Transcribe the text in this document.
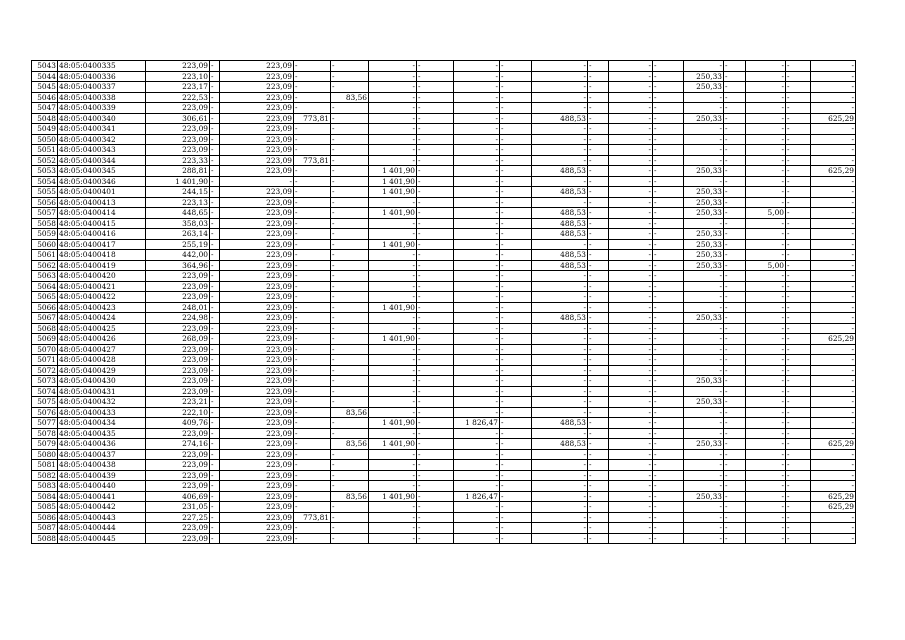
5043	48:05:0400335	223,09	-	223,09	-	-	-	-	-	-	-	-	-	-	-	-	-	-	-
5044	48:05:0400336	223,10	-	223,09	-	-	-	-	-	-	-	-	-	-	250,33	-	-	-	-
5045	48:05:0400337	223,17	-	223,09	-	-	-	-	-	-	-	-	-	-	250,33	-	-	-	-
5046	48:05:0400338	222,53	-	223,09	-	83,56	-	-	-	-	-	-	-	-	-	-	-	-	-
5047	48:05:0400339	223,09	-	223,09	-	-	-	-	-	-	-	-	-	-	-	-	-	-	-
5048	48:05:0400340	306,61	-	223,09	773,81	-	-	-	-	-	488,53	-	-	-	250,33	-	-	-	625,29
5049	48:05:0400341	223,09	-	223,09	-	-	-	-	-	-	-	-	-	-	-	-	-	-	-
5050	48:05:0400342	223,09	-	223,09	-	-	-	-	-	-	-	-	-	-	-	-	-	-	-
5051	48:05:0400343	223,09	-	223,09	-	-	-	-	-	-	-	-	-	-	-	-	-	-	-
5052	48:05:0400344	223,33	-	223,09	773,81	-	-	-	-	-	-	-	-	-	-	-	-	-	-
5053	48:05:0400345	288,81	-	223,09	-	-	1 401,90	-	-	-	488,53	-	-	-	250,33	-	-	-	625,29
5054	48:05:0400346	1 401,90	-	-	-	-	1 401,90	-	-	-	-	-	-	-	-	-	-	-	-
5055	48:05:0400401	244,15	-	223,09	-	-	1 401,90	-	-	-	488,53	-	-	-	250,33	-	-	-	-
5056	48:05:0400413	223,13	-	223,09	-	-	-	-	-	-	-	-	-	-	250,33	-	-	-	-
5057	48:05:0400414	448,65	-	223,09	-	-	1 401,90	-	-	-	488,53	-	-	-	250,33	-	5,00	-	-
5058	48:05:0400415	358,03	-	223,09	-	-	-	-	-	-	488,53	-	-	-	-	-	-	-	-
5059	48:05:0400416	263,14	-	223,09	-	-	-	-	-	-	488,53	-	-	-	250,33	-	-	-	-
5060	48:05:0400417	255,19	-	223,09	-	-	1 401,90	-	-	-	-	-	-	-	250,33	-	-	-	-
5061	48:05:0400418	442,00	-	223,09	-	-	-	-	-	-	488,53	-	-	-	250,33	-	-	-	-
5062	48:05:0400419	364,96	-	223,09	-	-	-	-	-	-	488,53	-	-	-	250,33	-	5,00	-	-
5063	48:05:0400420	223,09	-	223,09	-	-	-	-	-	-	-	-	-	-	-	-	-	-	-
5064	48:05:0400421	223,09	-	223,09	-	-	-	-	-	-	-	-	-	-	-	-	-	-	-
5065	48:05:0400422	223,09	-	223,09	-	-	-	-	-	-	-	-	-	-	-	-	-	-	-
5066	48:05:0400423	248,01	-	223,09	-	-	1 401,90	-	-	-	-	-	-	-	-	-	-	-	-
5067	48:05:0400424	224,98	-	223,09	-	-	-	-	-	-	488,53	-	-	-	250,33	-	-	-	-
5068	48:05:0400425	223,09	-	223,09	-	-	-	-	-	-	-	-	-	-	-	-	-	-	-
5069	48:05:0400426	268,09	-	223,09	-	-	1 401,90	-	-	-	-	-	-	-	-	-	-	-	625,29
5070	48:05:0400427	223,09	-	223,09	-	-	-	-	-	-	-	-	-	-	-	-	-	-	-
5071	48:05:0400428	223,09	-	223,09	-	-	-	-	-	-	-	-	-	-	-	-	-	-	-
5072	48:05:0400429	223,09	-	223,09	-	-	-	-	-	-	-	-	-	-	-	-	-	-	-
5073	48:05:0400430	223,09	-	223,09	-	-	-	-	-	-	-	-	-	-	250,33	-	-	-	-
5074	48:05:0400431	223,09	-	223,09	-	-	-	-	-	-	-	-	-	-	-	-	-	-	-
5075	48:05:0400432	223,21	-	223,09	-	-	-	-	-	-	-	-	-	-	250,33	-	-	-	-
5076	48:05:0400433	222,10	-	223,09	-	83,56	-	-	-	-	-	-	-	-	-	-	-	-	-
5077	48:05:0400434	409,76	-	223,09	-	-	1 401,90	-	1 826,47	-	488,53	-	-	-	-	-	-	-	-
5078	48:05:0400435	223,09	-	223,09	-	-	-	-	-	-	-	-	-	-	-	-	-	-	-
5079	48:05:0400436	274,16	-	223,09	-	83,56	1 401,90	-	-	-	488,53	-	-	-	250,33	-	-	-	625,29
5080	48:05:0400437	223,09	-	223,09	-	-	-	-	-	-	-	-	-	-	-	-	-	-	-
5081	48:05:0400438	223,09	-	223,09	-	-	-	-	-	-	-	-	-	-	-	-	-	-	-
5082	48:05:0400439	223,09	-	223,09	-	-	-	-	-	-	-	-	-	-	-	-	-	-	-
5083	48:05:0400440	223,09	-	223,09	-	-	-	-	-	-	-	-	-	-	-	-	-	-	-
5084	48:05:0400441	406,69	-	223,09	-	83,56	1 401,90	-	1 826,47	-	-	-	-	-	250,33	-	-	-	625,29
5085	48:05:0400442	231,05	-	223,09	-	-	-	-	-	-	-	-	-	-	-	-	-	-	625,29
5086	48:05:0400443	227,25	-	223,09	773,81	-	-	-	-	-	-	-	-	-	-	-	-	-	-
5087	48:05:0400444	223,09	-	223,09	-	-	-	-	-	-	-	-	-	-	-	-	-	-	-
5088	48:05:0400445	223,09	-	223,09	-	-	-	-	-	-	-	-	-	-	-	-	-	-	-
